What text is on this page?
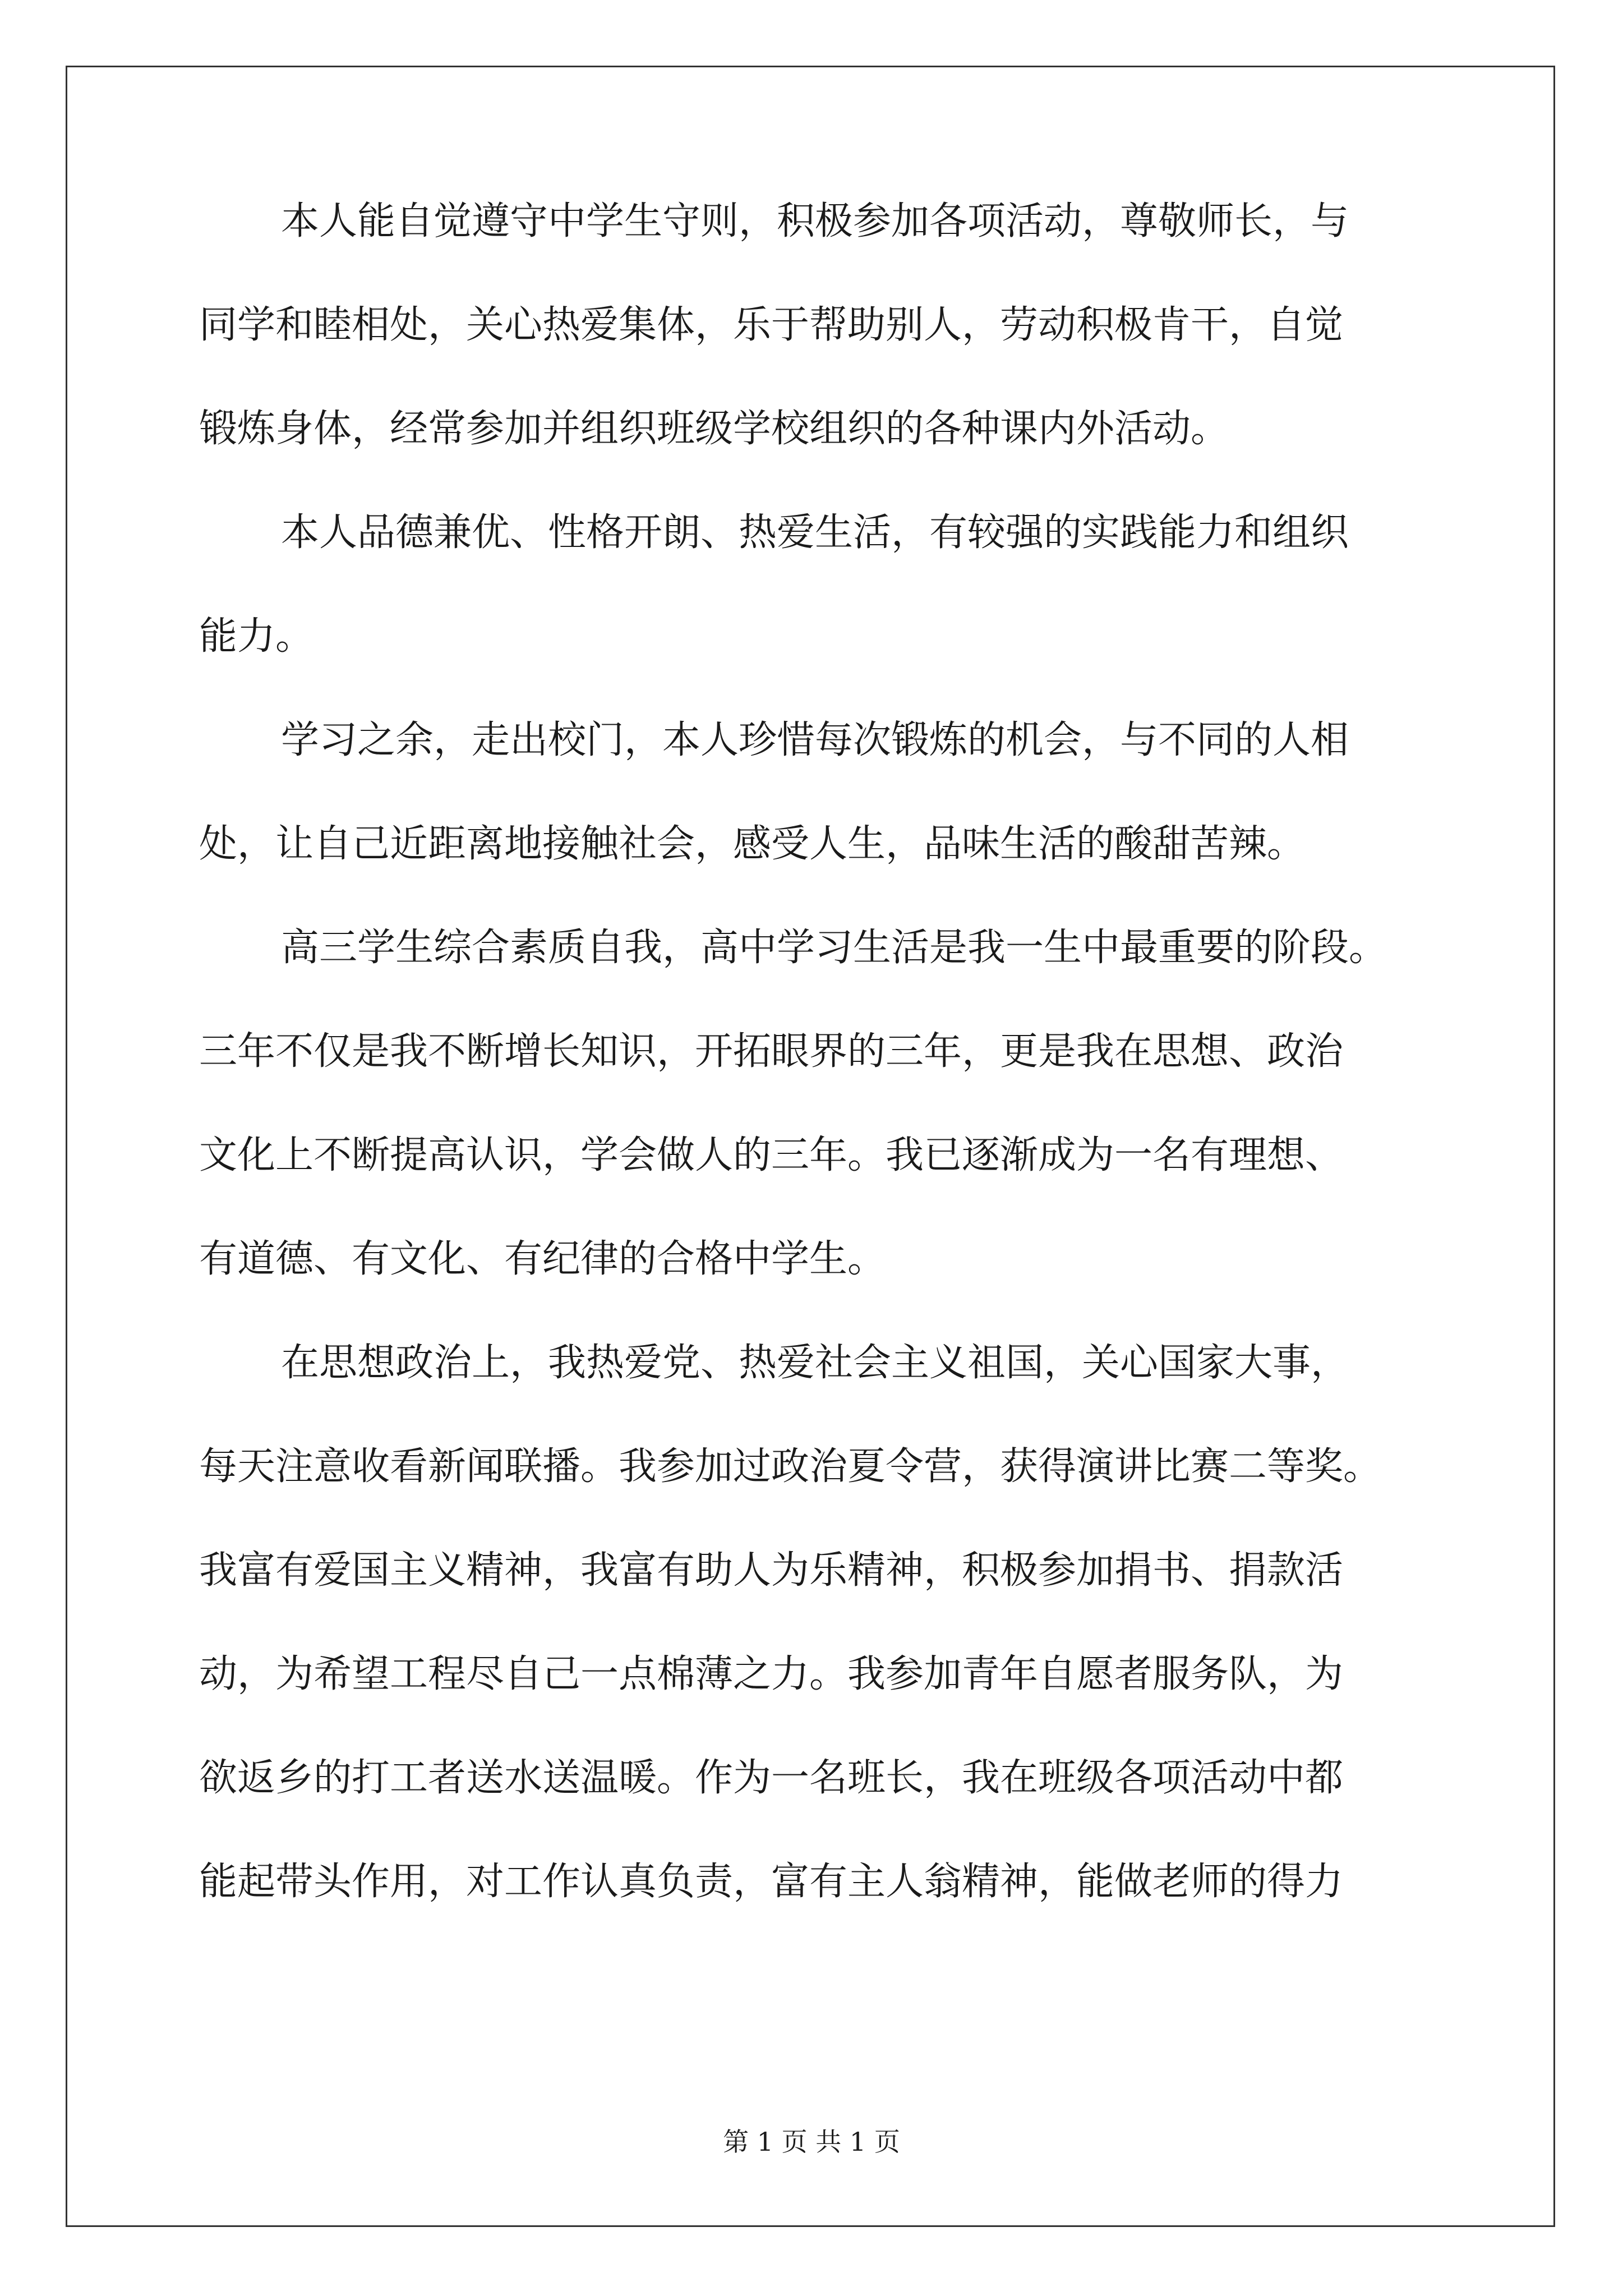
本人能自觉遵守中学生守则，积极参加各项活动，尊敬师长，与
同学和睦相处，关心热爱集体，乐于帮助别人，劳动积极肯干，自觉
锻炼身体，经常参加并组织班级学校组织的各种课内外活动。
本人品德兼优、性格开朗、热爱生活，有较强的实践能力和组织
能力。
学习之余，走出校门，本人珍惜每次锻炼的机会，与不同的人相
处，让自己近距离地接触社会，感受人生，品味生活的酸甜苦辣。
高三学生综合素质自我，高中学习生活是我一生中最重要的阶段。
三年不仅是我不断增长知识，开拓眼界的三年，更是我在思想、政治
文化上不断提高认识，学会做人的三年。我已逐渐成为一名有理想、
有道德、有文化、有纪律的合格中学生。
在思想政治上，我热爱党、热爱社会主义祖国，关心国家大事，
每天注意收看新闻联播。我参加过政治夏令营，获得演讲比赛二等奖。
我富有爱国主义精神，我富有助人为乐精神，积极参加捐书、捐款活
动，为希望工程尽自己一点棉薄之力。我参加青年自愿者服务队，为
欲返乡的打工者送水送温暖。作为一名班长，我在班级各项活动中都
能起带头作用，对工作认真负责，富有主人翁精神，能做老师的得力
第 1 页 共 1 页
